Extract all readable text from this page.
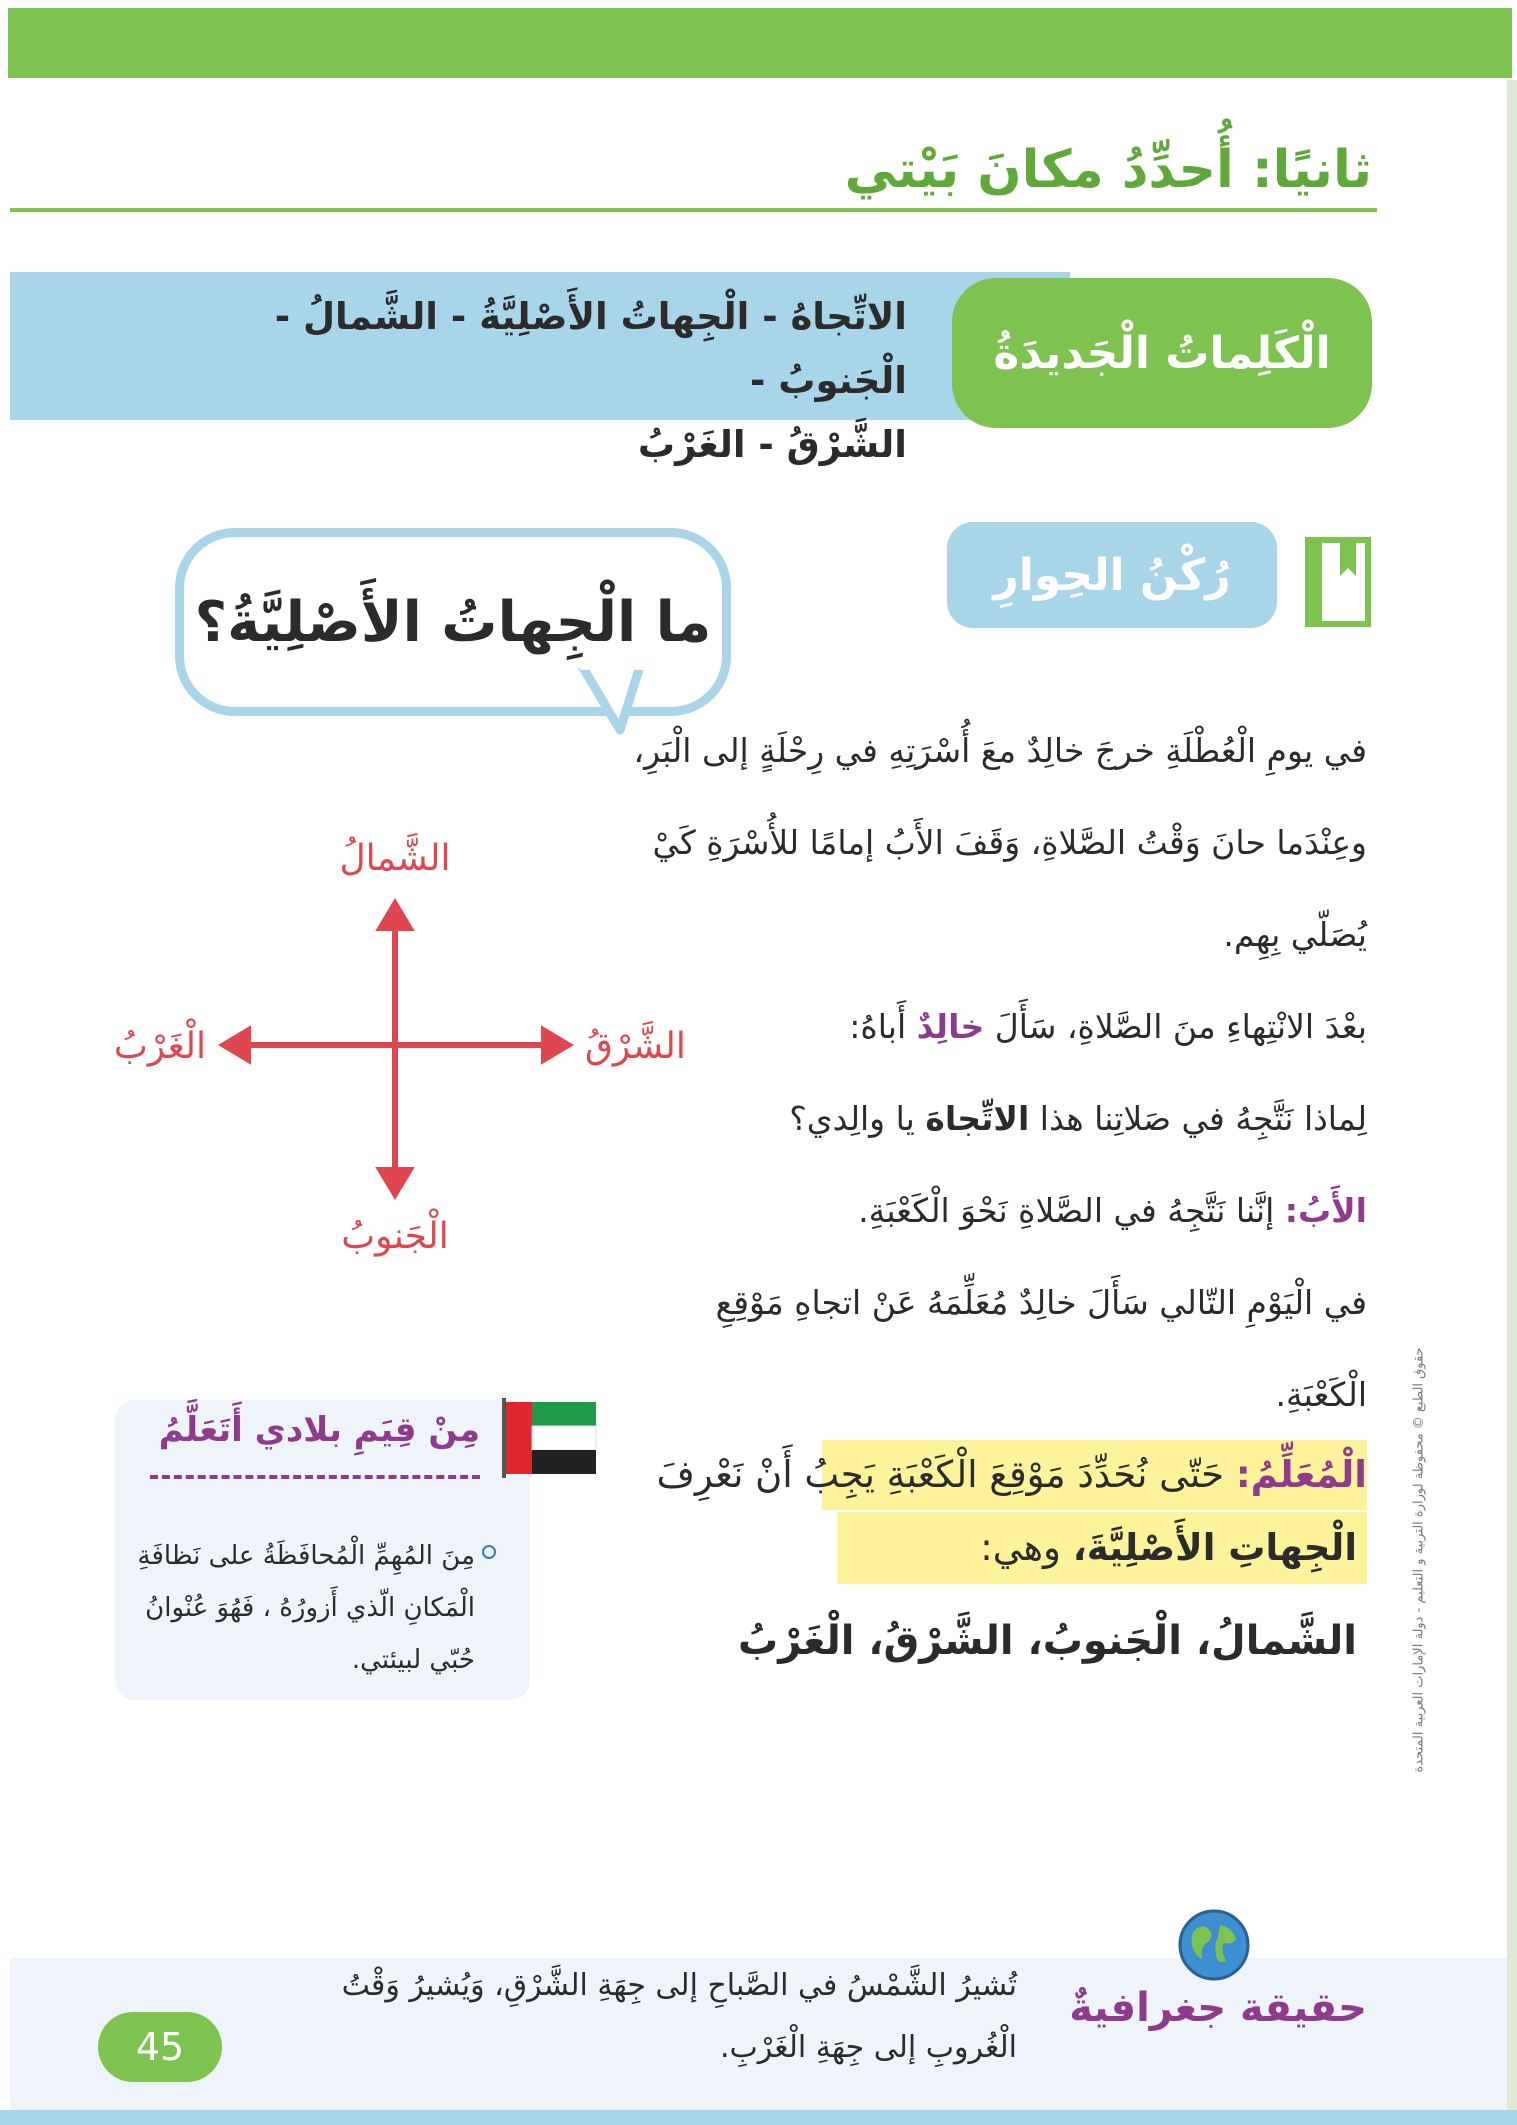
ثانيًا: أُحدِّدُ مكانَ بَيْتي
الاتِّجاهُ - الْجِهاتُ الأَصْلِيَّةُ - الشَّمالُ - الْجَنوبُ -
الشَّرْقُ - الغَرْبُ
الْكَلِماتُ الْجَديدَةُ
رُكْنُ الحِوارِ
ما الْجِهاتُ الأَصْلِيَّةُ؟

في يومِ الْعُطْلَةِ خرجَ خالِدٌ معَ أُسْرَتِهِ في رِحْلَةٍ إلى الْبَرِ،

وعِنْدَما حانَ وَقْتُ الصَّلاةِ، وَقَفَ الأَبُ إمامًا للأُسْرَةِ كَيْ

يُصَلّي بِهِم.

بعْدَ الانْتِهاءِ منَ الصَّلاةِ، سَأَلَ خالِدٌ أَباهُ:

لِماذا نَتَّجِهُ في صَلاتِنا هذا الاتِّجاهَ يا والِدي؟

الأَبُ: إنَّنا نَتَّجِهُ في الصَّلاةِ نَحْوَ الْكَعْبَةِ.

في الْيَوْمِ التّالي سَأَلَ خالِدٌ مُعَلِّمَهُ عَنْ اتجاهِ مَوْقِعِ

الْكَعْبَةِ.

الْمُعَلِّمُ: حَتّى نُحَدِّدَ مَوْقِعَ الْكَعْبَةِ يَجِبُ أَنْ نَعْرِفَ
الْجِهاتِ الأَصْلِيَّةَ، وهي:
الشَّمالُ، الْجَنوبُ، الشَّرْقُ، الْغَرْبُ
الشَّمالُ
الْجَنوبُ
الشَّرْقُ
الْغَرْبُ
مِنْ قِيَمِ بلادي أَتَعَلَّمُ
مِنَ المُهِمِّ الْمُحافَظَةُ على نَظافَةِ الْمَكانِ الّذي أَزورُهُ ، فَهُوَ عُنْوانُ حُبّي لبيئتي.	حقوق الطبع © محفوظة لوزارة التربية و التعليم - دولة الإمارات العربية المتحدة
حقيقة جغرافيةٌ
تُشيرُ الشَّمْسُ في الصَّباحِ إلى جِهَةِ الشَّرْقِ، وَيُشيرُ وَقْتُ الْغُروبِ إلى جِهَةِ الْغَرْبِ.
45
